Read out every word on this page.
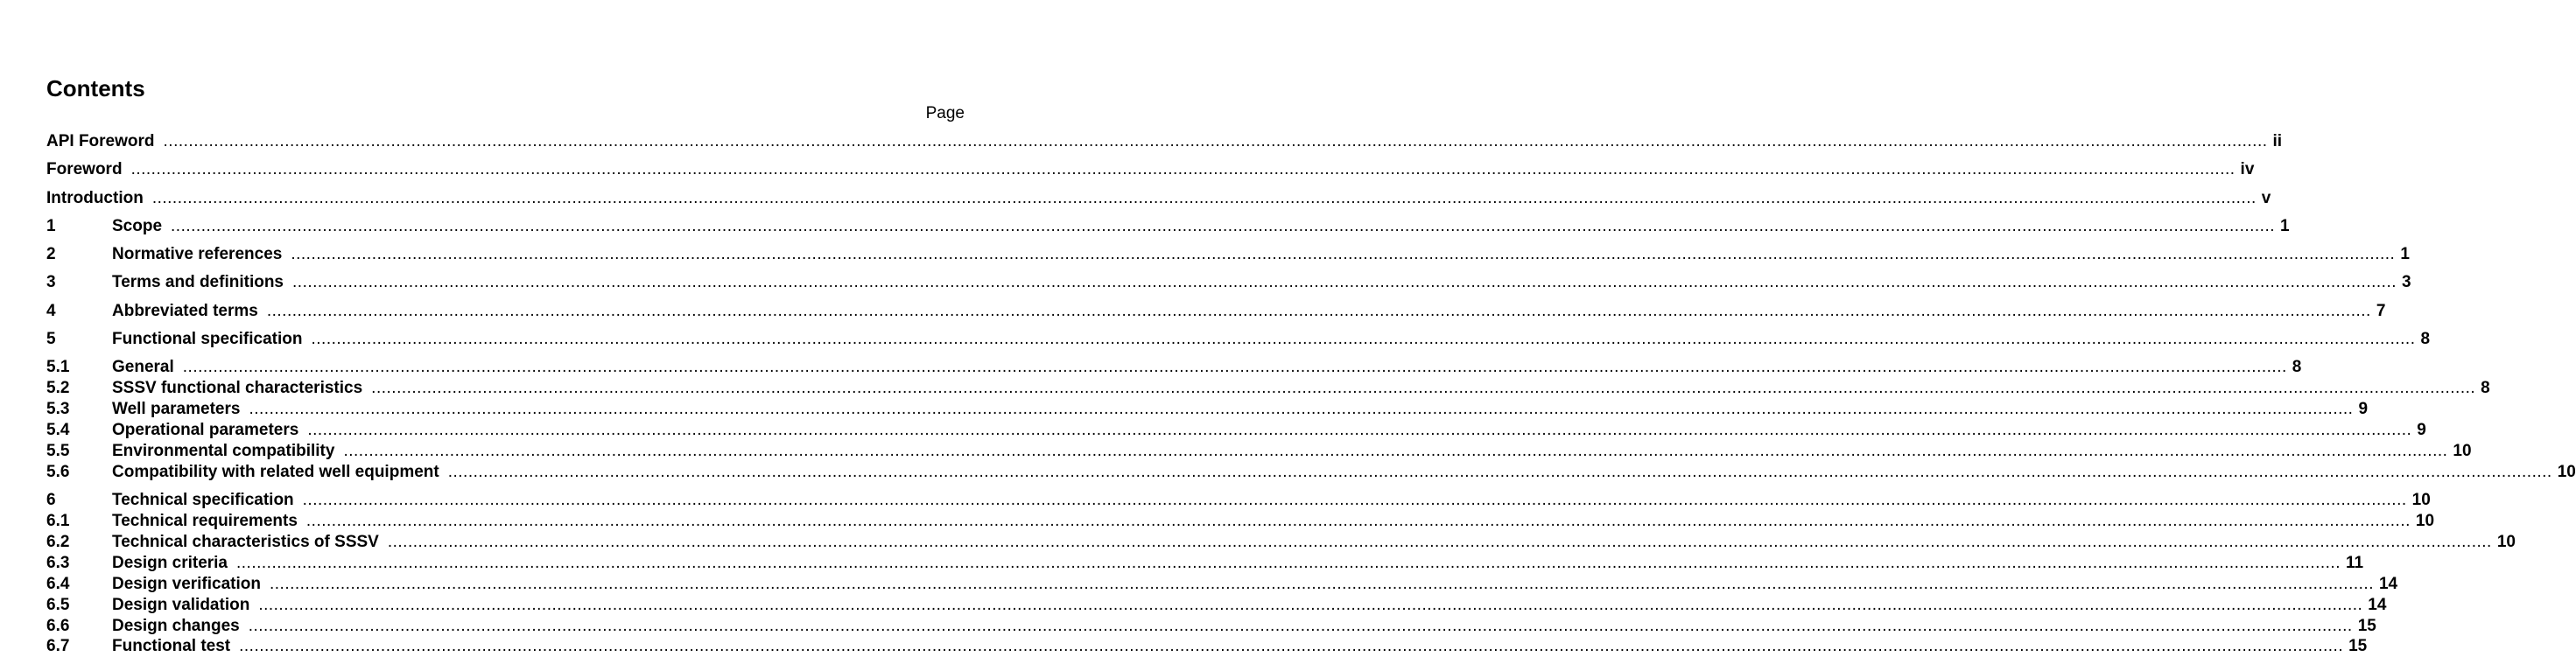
Contents
Page
API Foreword .....	ii
Foreword .....	iv
Introduction .....	v
1	Scope .....	1
2	Normative references .....	1
3	Terms and definitions .....	3
4	Abbreviated terms .....	7
5	Functional specification .....	8
5.1	General .....	8
5.2	SSSV functional characteristics .....	8
5.3	Well parameters .....	9
5.4	Operational parameters .....	9
5.5	Environmental compatibility .....	10
5.6	Compatibility with related well equipment .....	10
6	Technical specification .....	10
6.1	Technical requirements .....	10
6.2	Technical characteristics of SSSV .....	10
6.3	Design criteria .....	11
6.4	Design verification .....	14
6.5	Design validation .....	14
6.6	Design changes .....	15
6.7	Functional test .....	15
